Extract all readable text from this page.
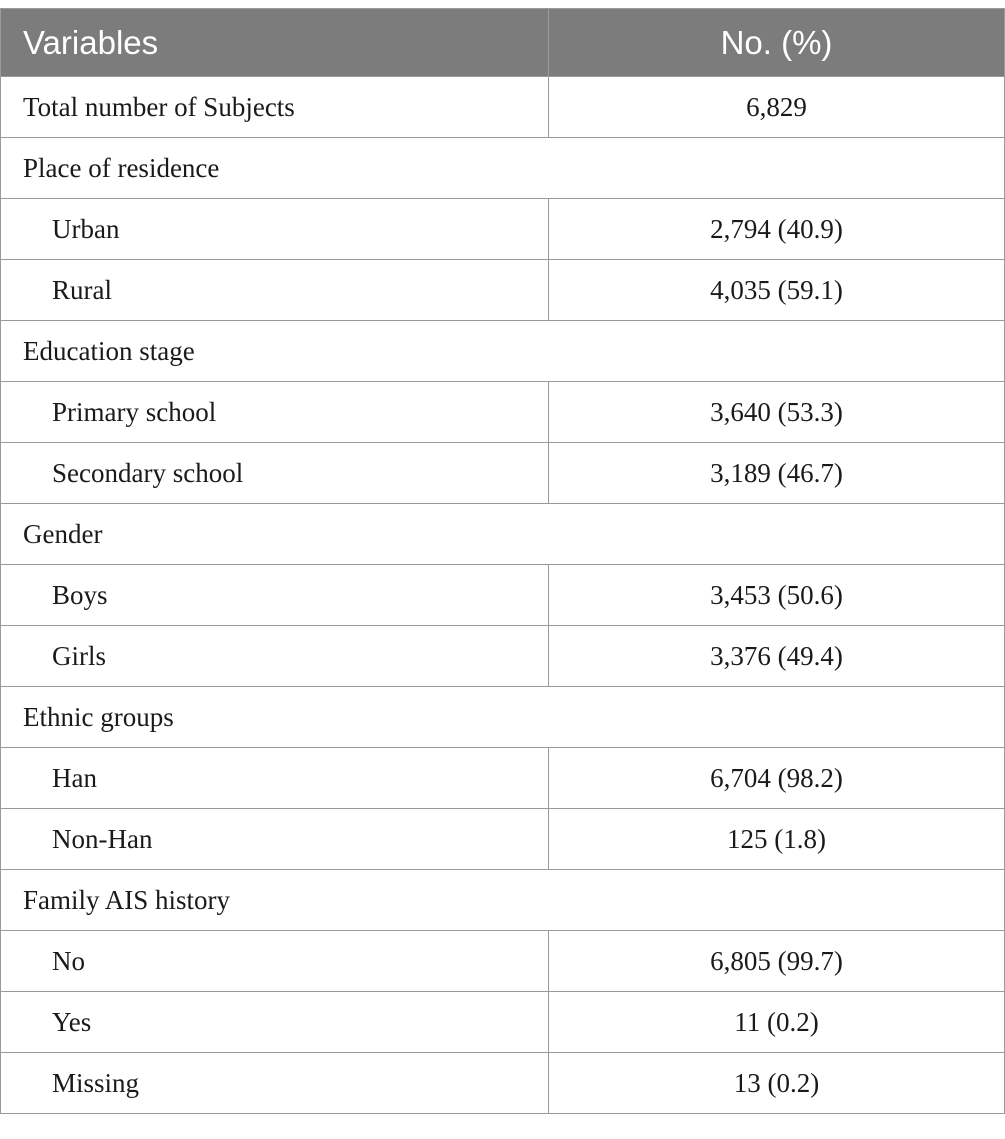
Variables	No. (%)
Total number of Subjects	6,829
Place of residence	
Urban	2,794 (40.9)
Rural	4,035 (59.1)
Education stage	
Primary school	3,640 (53.3)
Secondary school	3,189 (46.7)
Gender	
Boys	3,453 (50.6)
Girls	3,376 (49.4)
Ethnic groups	
Han	6,704 (98.2)
Non-Han	125 (1.8)
Family AIS history	
No	6,805 (99.7)
Yes	11 (0.2)
Missing	13 (0.2)
